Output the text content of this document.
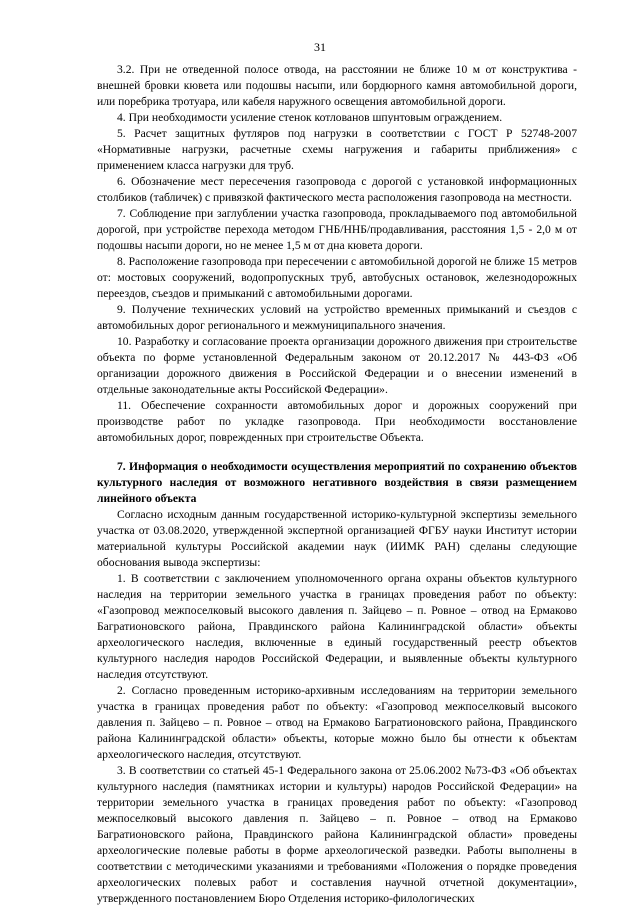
31

3.2. При не отведенной полосе отвода, на расстоянии не ближе 10 м от конструктива - внешней бровки кювета или подошвы насыпи, или бордюрного камня автомобильной дороги, или поребрика тротуара, или кабеля наружного освещения автомобильной дороги.

4. При необходимости усиление стенок котлованов шпунтовым ограждением.

5. Расчет защитных футляров под нагрузки в соответствии с ГОСТ Р 52748-2007 «Нормативные нагрузки, расчетные схемы нагружения и габариты приближения» с применением класса нагрузки для труб.

6. Обозначение мест пересечения газопровода с дорогой с установкой информационных столбиков (табличек) с привязкой фактического места расположения газопровода на местности.

7. Соблюдение при заглублении участка газопровода, прокладываемого под автомобильной дорогой, при устройстве перехода методом ГНБ/ННБ/продавливания, расстояния 1,5 - 2,0 м от подошвы насыпи дороги, но не менее 1,5 м от дна кювета дороги.

8. Расположение газопровода при пересечении с автомобильной дорогой не ближе 15 метров от: мостовых сооружений, водопропускных труб, автобусных остановок, железнодорожных переездов, съездов и примыканий с автомобильными дорогами.

9. Получение технических условий на устройство временных примыканий и съездов с автомобильных дорог регионального и межмуниципального значения.

10. Разработку и согласование проекта организации дорожного движения при строительстве объекта по форме установленной Федеральным законом от 20.12.2017 № 443-ФЗ «Об организации дорожного движения в Российской Федерации и о внесении изменений в отдельные законодательные акты Российской Федерации».

11. Обеспечение сохранности автомобильных дорог и дорожных сооружений при производстве работ по укладке газопровода. При необходимости восстановление автомобильных дорог, поврежденных при строительстве Объекта.

7. Информация о необходимости осуществления мероприятий по сохранению объектов культурного наследия от возможного негативного воздействия в связи размещением линейного объекта

Согласно исходным данным государственной историко-культурной экспертизы земельного участка от 03.08.2020, утвержденной экспертной организацией ФГБУ науки Институт истории материальной культуры Российской академии наук (ИИМК РАН) сделаны следующие обоснования вывода экспертизы:

1. В соответствии с заключением уполномоченного органа охраны объектов культурного наследия на территории земельного участка в границах проведения работ по объекту: «Газопровод межпоселковый высокого давления п. Зайцево – п. Ровное – отвод на Ермаково Багратионовского района, Правдинского района Калининградской области» объекты археологического наследия, включенные в единый государственный реестр объектов культурного наследия народов Российской Федерации, и выявленные объекты культурного наследия отсутствуют.

2. Согласно проведенным историко-архивным исследованиям на территории земельного участка в границах проведения работ по объекту: «Газопровод межпоселковый высокого давления п. Зайцево – п. Ровное – отвод на Ермаково Багратионовского района, Правдинского района Калининградской области» объекты, которые можно было бы отнести к объектам археологического наследия, отсутствуют.

3. В соответствии со статьей 45-1 Федерального закона от 25.06.2002 №73-ФЗ «Об объектах культурного наследия (памятниках истории и культуры) народов Российской Федерации» на территории земельного участка в границах проведения работ по объекту: «Газопровод межпоселковый высокого давления п. Зайцево – п. Ровное – отвод на Ермаково Багратионовского района, Правдинского района Калининградской области» проведены археологические полевые работы в форме археологической разведки. Работы выполнены в соответствии с методическими указаниями и требованиями «Положения о порядке проведения археологических полевых работ и составления научной отчетной документации», утвержденного постановлением Бюро Отделения историко-филологических
